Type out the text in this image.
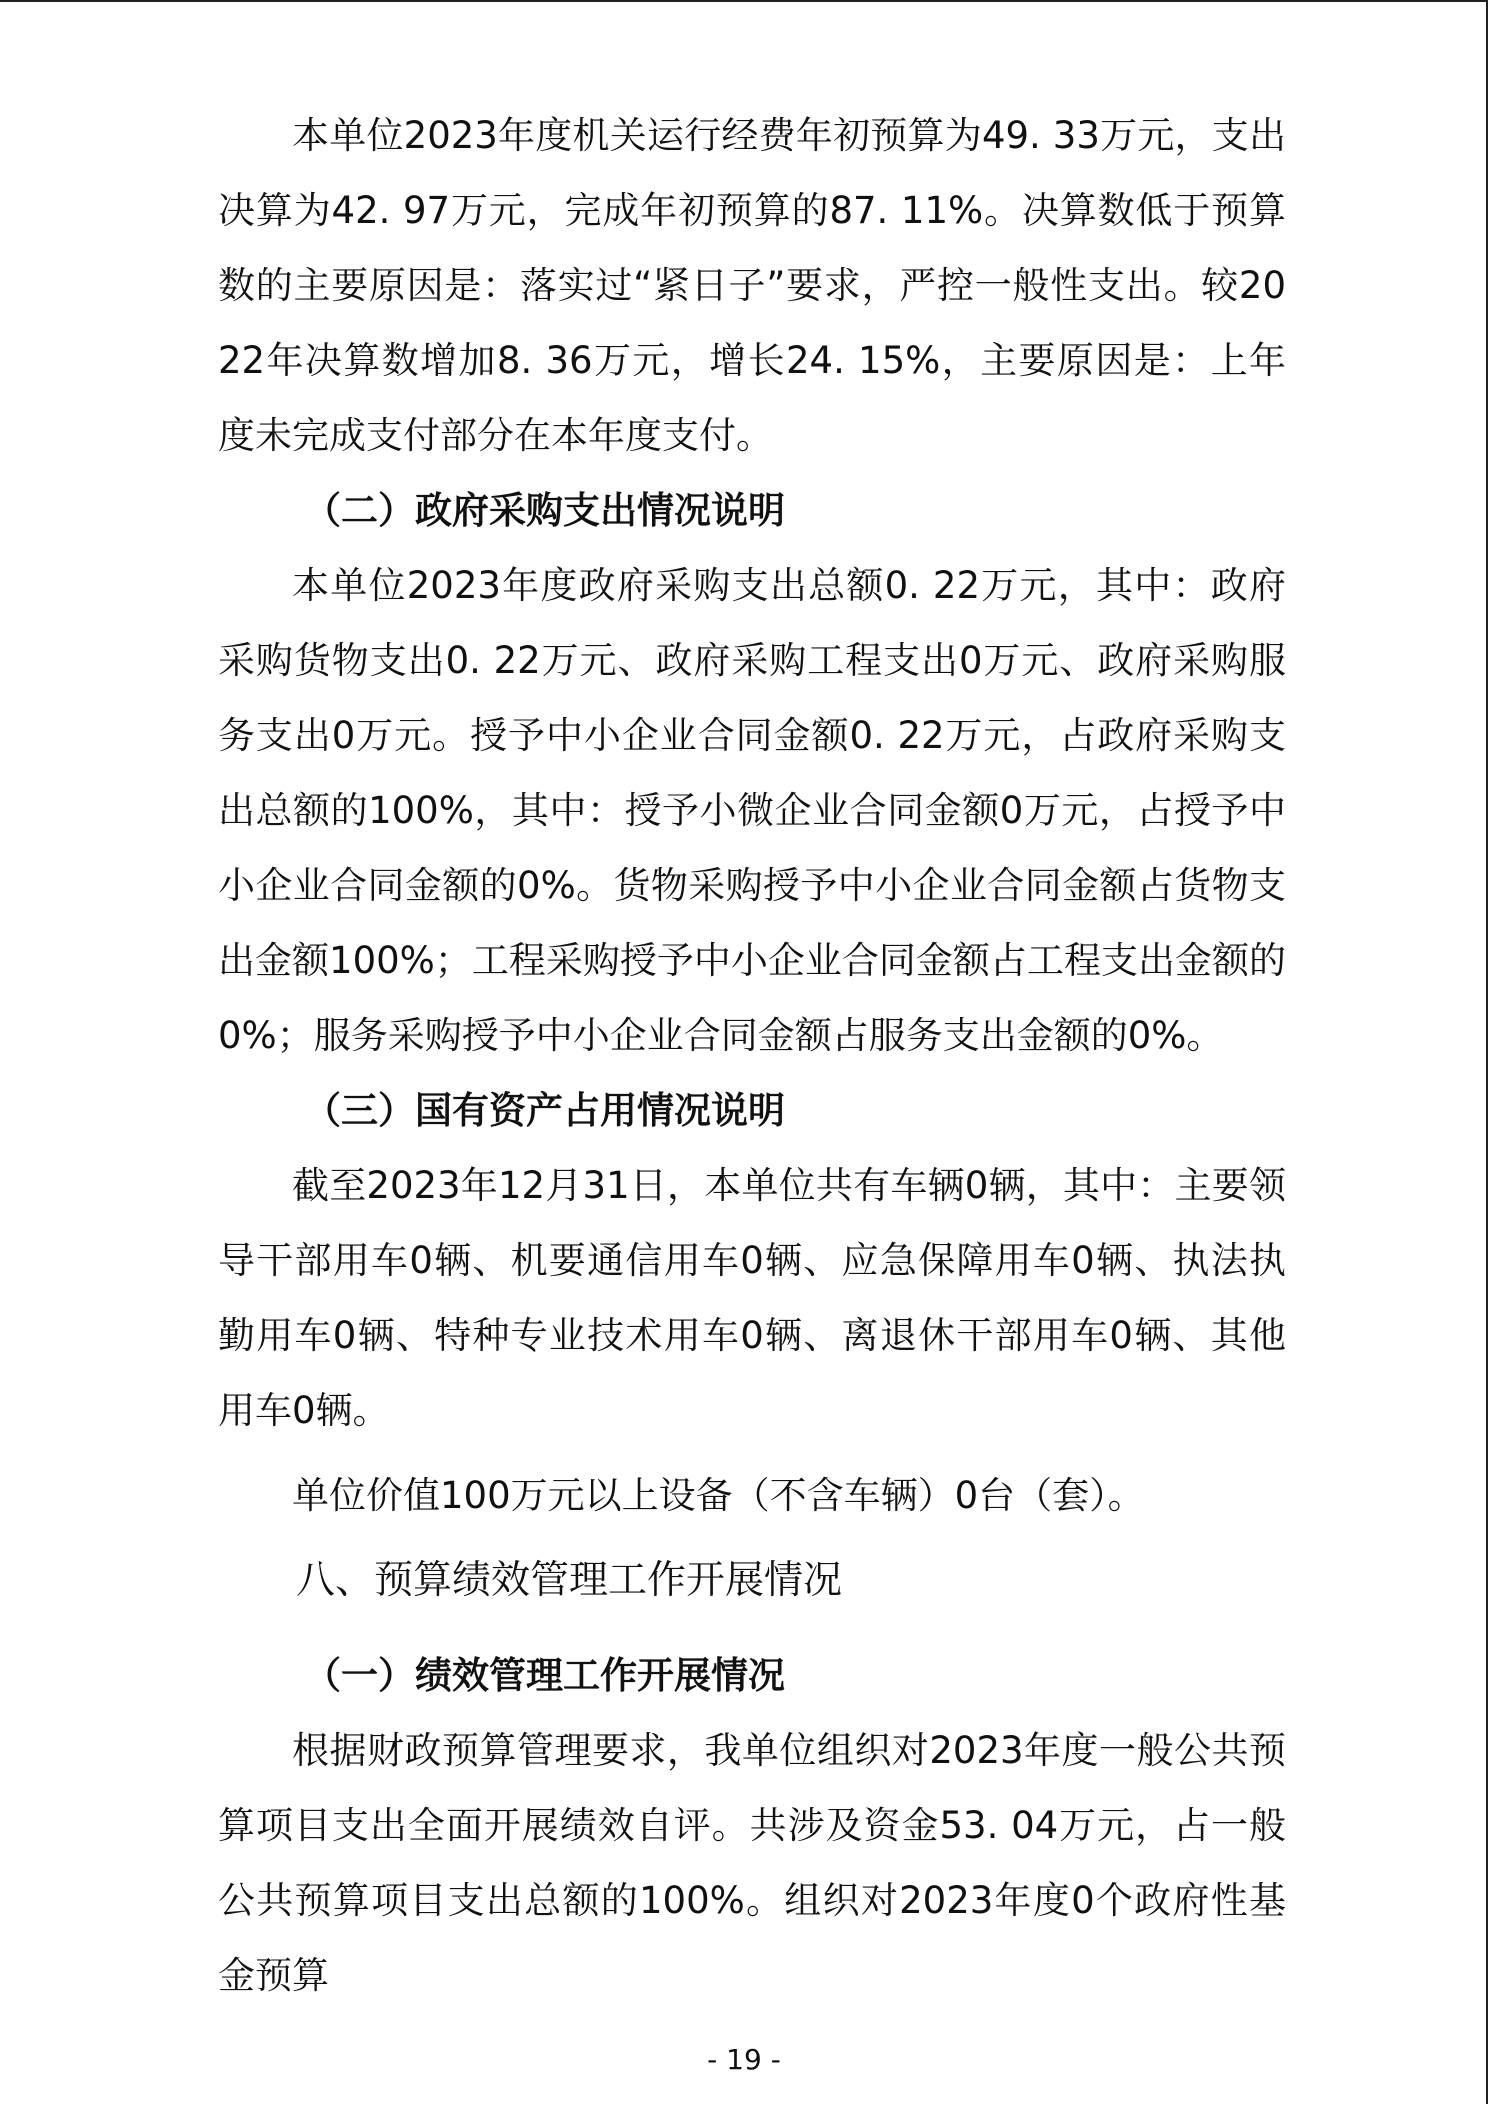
本单位2023年度机关运行经费年初预算为49. 33万元，支出决算为42. 97万元，完成年初预算的87. 11%。决算数低于预算数的主要原因是：落实过“紧日子”要求，严控一般性支出。较2022年决算数增加8. 36万元，增长24. 15%，主要原因是：上年度未完成支付部分在本年度支付。

（二）政府采购支出情况说明

本单位2023年度政府采购支出总额0. 22万元，其中：政府采购货物支出0. 22万元、政府采购工程支出0万元、政府采购服务支出0万元。授予中小企业合同金额0. 22万元，占政府采购支出总额的100%，其中：授予小微企业合同金额0万元，占授予中小企业合同金额的0%。货物采购授予中小企业合同金额占货物支出金额100%；工程采购授予中小企业合同金额占工程支出金额的0%；服务采购授予中小企业合同金额占服务支出金额的0%。

（三）国有资产占用情况说明

截至2023年12月31日，本单位共有车辆0辆，其中：主要领导干部用车0辆、机要通信用车0辆、应急保障用车0辆、执法执勤用车0辆、特种专业技术用车0辆、离退休干部用车0辆、其他用车0辆。

单位价值100万元以上设备（不含车辆）0台（套）。

八、预算绩效管理工作开展情况

（一）绩效管理工作开展情况

根据财政预算管理要求，我单位组织对2023年度一般公共预算项目支出全面开展绩效自评。共涉及资金53. 04万元，占一般公共预算项目支出总额的100%。组织对2023年度0个政府性基金预算

- 19 -
